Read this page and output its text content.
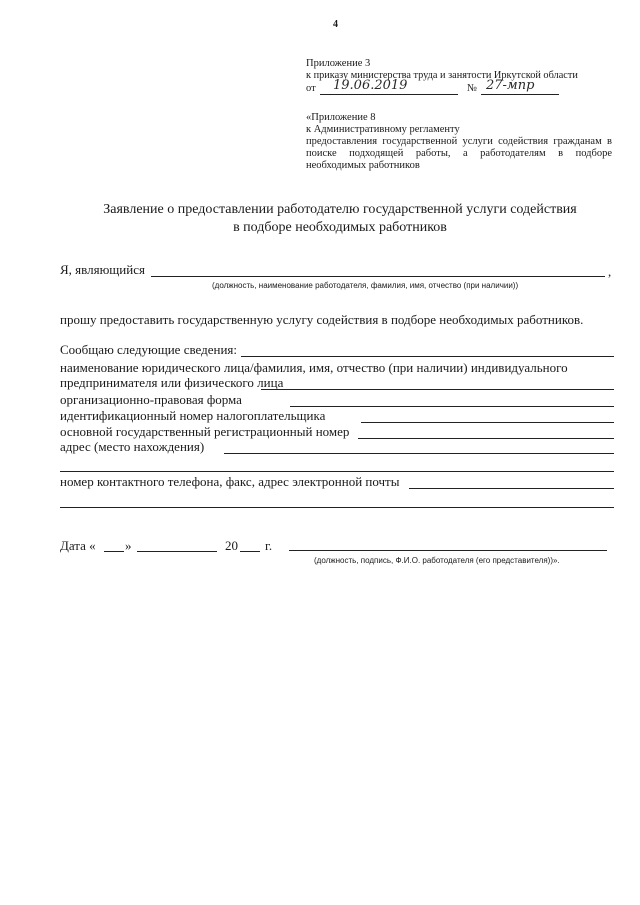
4
Приложение 3
к приказу министерства труда и занятости Иркутской области
от 19.06.2019	№ 27-мпр
«Приложение 8
к Административному регламенту
предоставления государственной услуги содействия гражданам в
поиске подходящей работы, а работодателям в подборе
необходимых работников
Заявление о предоставлении работодателю государственной услуги содействия
в подборе необходимых работников
Я, являющийся	,
(должность, наименование работодателя, фамилия, имя, отчество (при наличии))
прошу предоставить государственную услугу содействия в подборе необходимых работников.
Сообщаю следующие сведения:
наименование юридического лица/фамилия, имя, отчество (при наличии) индивидуального
предпринимателя или физического лица
организационно-правовая форма
идентификационный номер налогоплательщика
основной государственный регистрационный номер
адрес (место нахождения)
номер контактного телефона, факс, адрес электронной почты
Дата « »	20 г.
(должность, подпись, Ф.И.О. работодателя (его представителя))».
